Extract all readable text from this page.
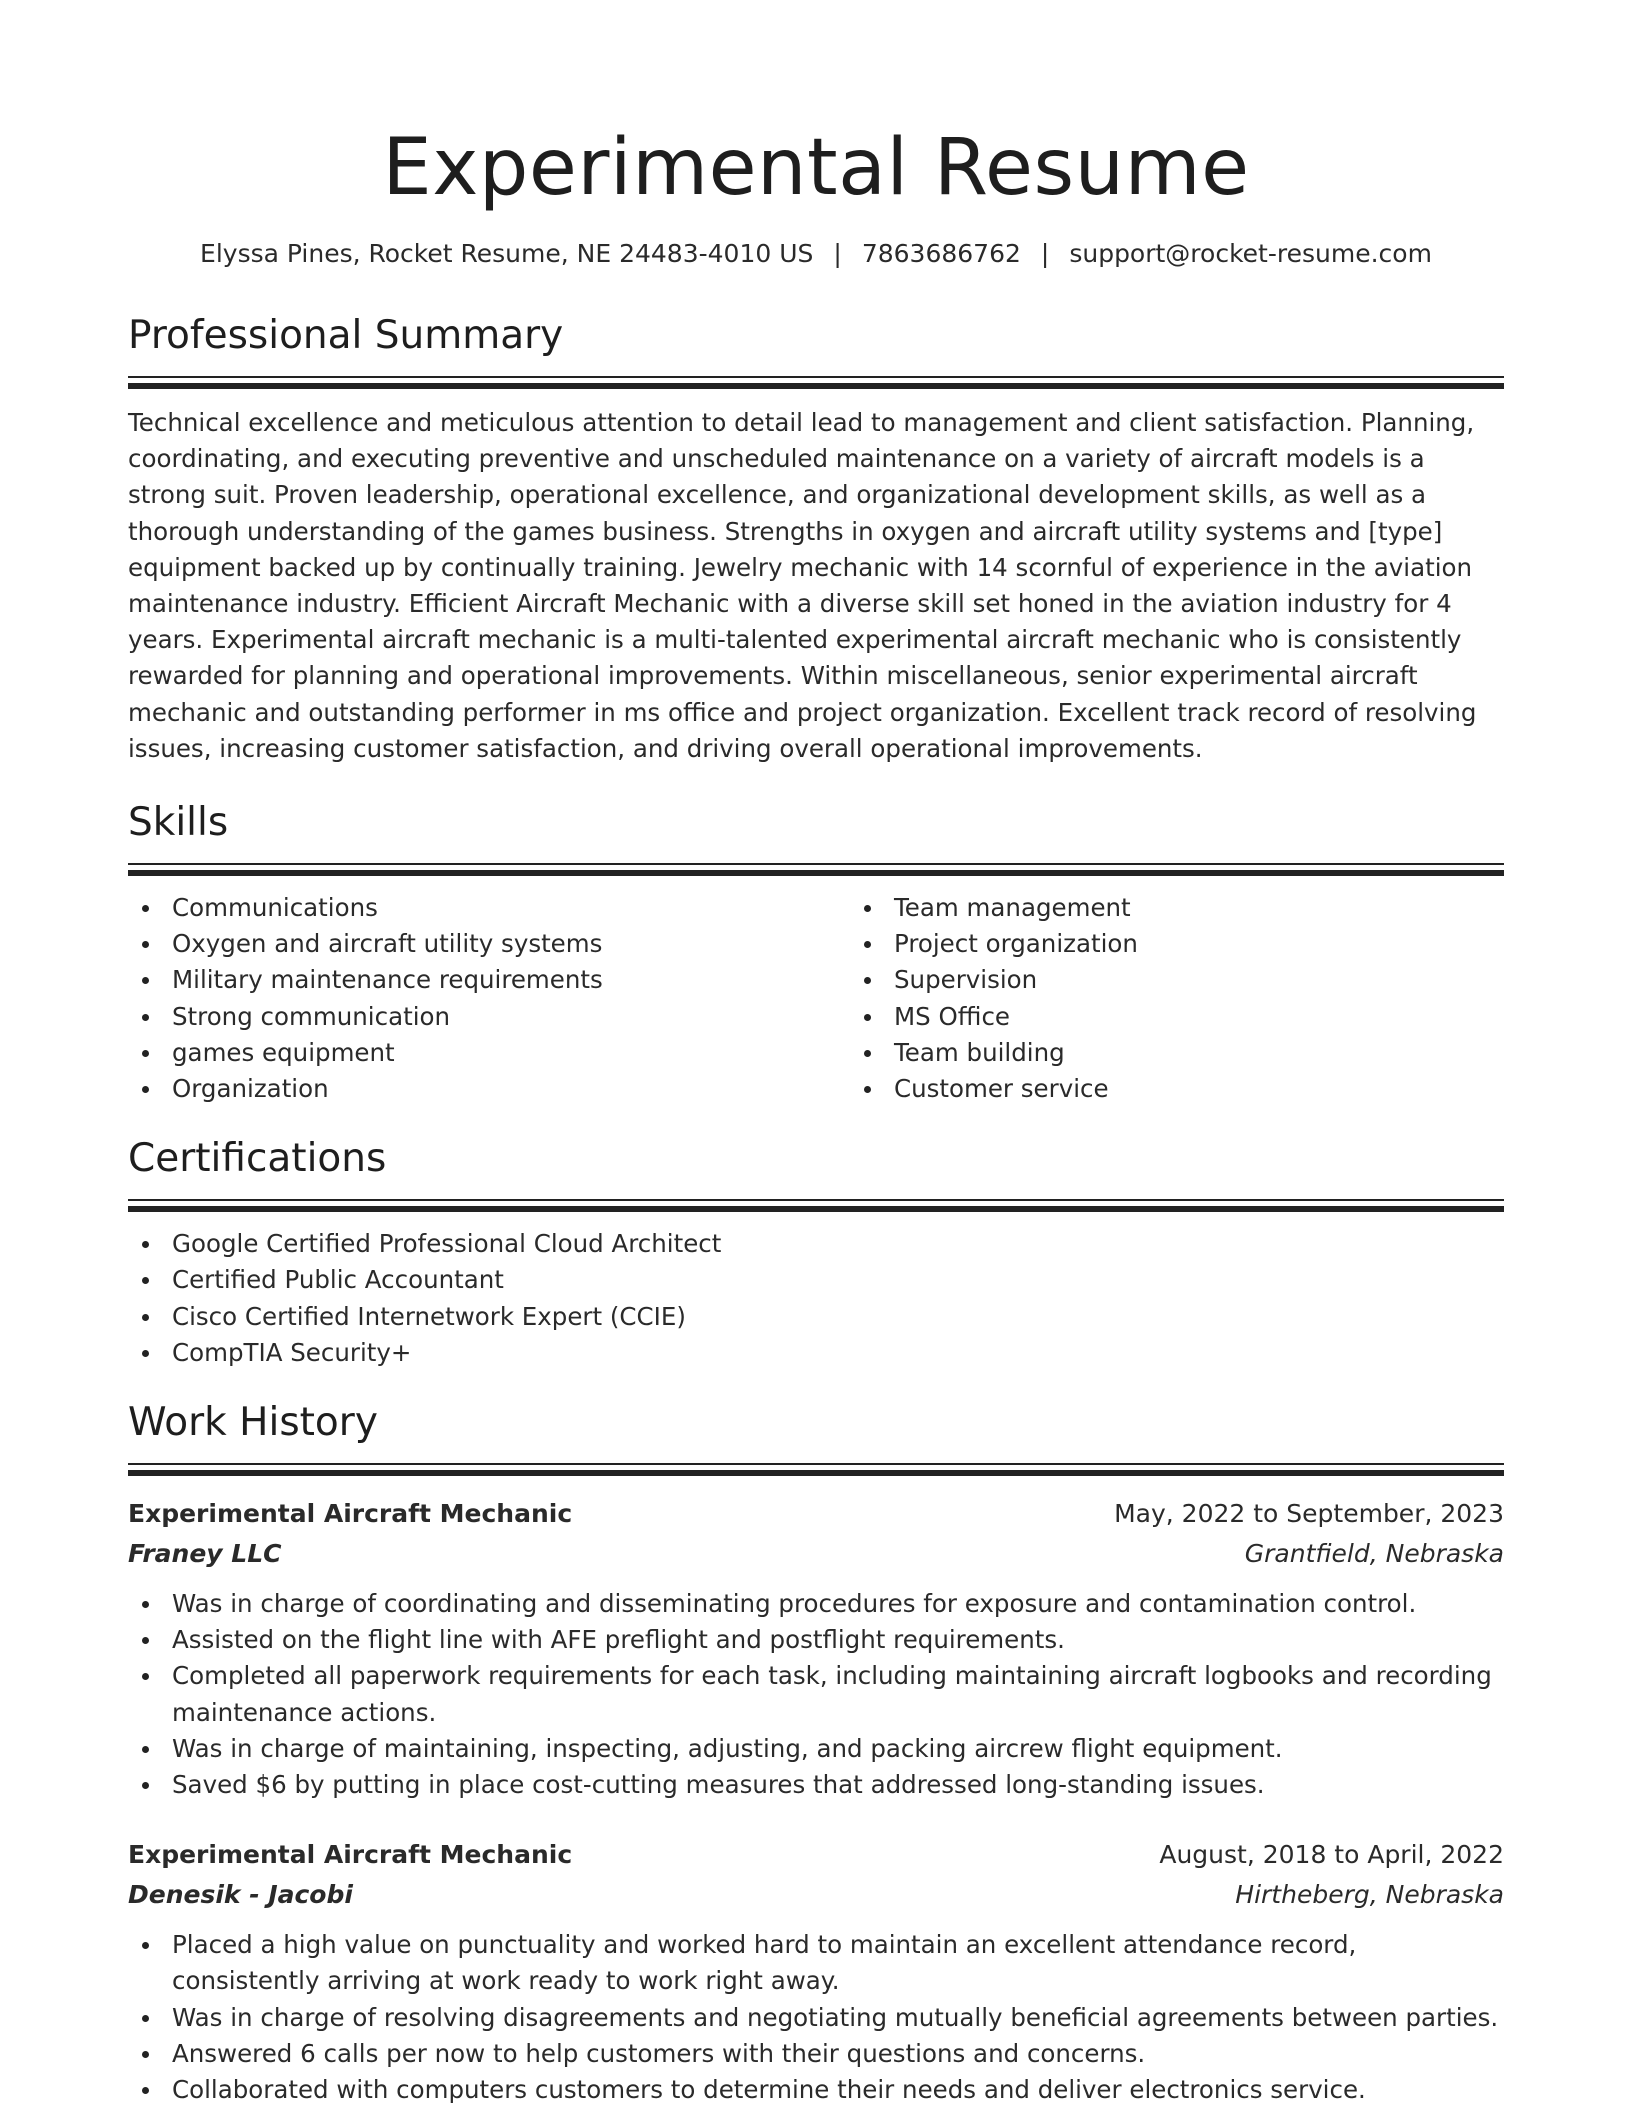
Experimental Resume
Elyssa Pines, Rocket Resume, NE 24483-4010 US | 7863686762 | support@rocket-resume.com
Professional Summary

Technical excellence and meticulous attention to detail lead to management and client satisfaction. Planning, coordinating, and executing preventive and unscheduled maintenance on a variety of aircraft models is a strong suit. Proven leadership, operational excellence, and organizational development skills, as well as a thorough understanding of the games business. Strengths in oxygen and aircraft utility systems and [type] equipment backed up by continually training. Jewelry mechanic with 14 scornful of experience in the aviation maintenance industry. Efficient Aircraft Mechanic with a diverse skill set honed in the aviation industry for 4 years. Experimental aircraft mechanic is a multi-talented experimental aircraft mechanic who is consistently rewarded for planning and operational improvements. Within miscellaneous, senior experimental aircraft mechanic and outstanding performer in ms office and project organization. Excellent track record of resolving issues, increasing customer satisfaction, and driving overall operational improvements.

Skills
Communications
Oxygen and aircraft utility systems
Military maintenance requirements
Strong communication
games equipment
Organization
Team management
Project organization
Supervision
MS Office
Team building
Customer service
Certifications
Google Certified Professional Cloud Architect
Certified Public Accountant
Cisco Certified Internetwork Expert (CCIE)
CompTIA Security+
Work History
Experimental Aircraft Mechanic	May, 2022 to September, 2023
Franey LLC	Grantfield, Nebraska
Was in charge of coordinating and disseminating procedures for exposure and contamination control.
Assisted on the flight line with AFE preflight and postflight requirements.
Completed all paperwork requirements for each task, including maintaining aircraft logbooks and recording maintenance actions.
Was in charge of maintaining, inspecting, adjusting, and packing aircrew flight equipment.
Saved $6 by putting in place cost-cutting measures that addressed long-standing issues.
Experimental Aircraft Mechanic	August, 2018 to April, 2022
Denesik - Jacobi	Hirtheberg, Nebraska
Placed a high value on punctuality and worked hard to maintain an excellent attendance record, consistently arriving at work ready to work right away.
Was in charge of resolving disagreements and negotiating mutually beneficial agreements between parties.
Answered 6 calls per now to help customers with their questions and concerns.
Collaborated with computers customers to determine their needs and deliver electronics service.
